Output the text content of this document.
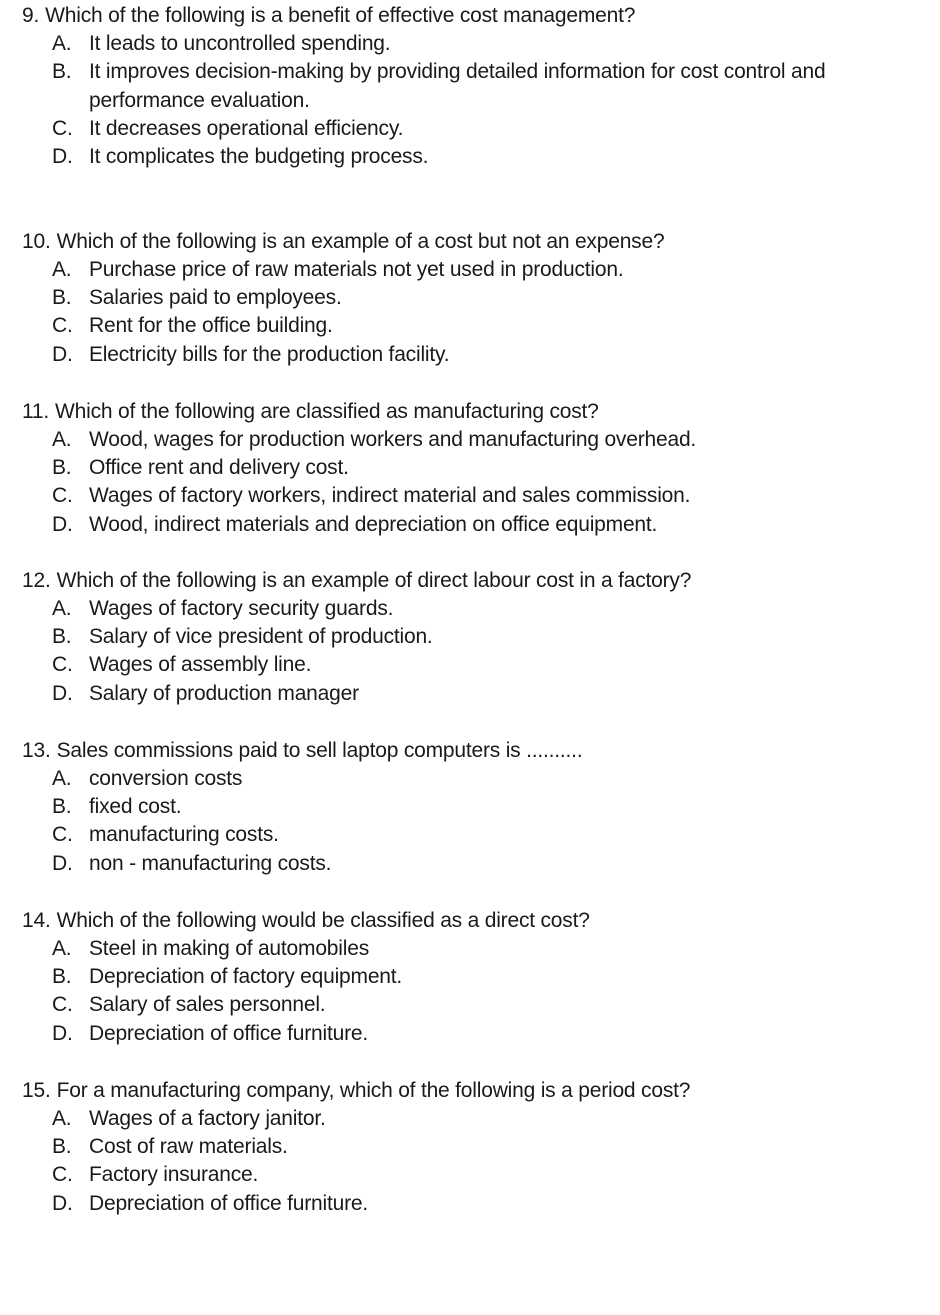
9. Which of the following is a benefit of effective cost management?
A. It leads to uncontrolled spending.
B. It improves decision-making by providing detailed information for cost control and performance evaluation.
C. It decreases operational efficiency.
D. It complicates the budgeting process.
10. Which of the following is an example of a cost but not an expense?
A. Purchase price of raw materials not yet used in production.
B. Salaries paid to employees.
C. Rent for the office building.
D. Electricity bills for the production facility.
11. Which of the following are classified as manufacturing cost?
A. Wood, wages for production workers and manufacturing overhead.
B. Office rent and delivery cost.
C. Wages of factory workers, indirect material and sales commission.
D. Wood, indirect materials and depreciation on office equipment.
12. Which of the following is an example of direct labour cost in a factory?
A. Wages of factory security guards.
B. Salary of vice president of production.
C. Wages of assembly line.
D. Salary of production manager
13. Sales commissions paid to sell laptop computers is ..........
A. conversion costs
B. fixed cost.
C. manufacturing costs.
D. non - manufacturing costs.
14. Which of the following would be classified as a direct cost?
A. Steel in making of automobiles
B. Depreciation of factory equipment.
C. Salary of sales personnel.
D. Depreciation of office furniture.
15. For a manufacturing company, which of the following is a period cost?
A. Wages of a factory janitor.
B. Cost of raw materials.
C. Factory insurance.
D. Depreciation of office furniture.
